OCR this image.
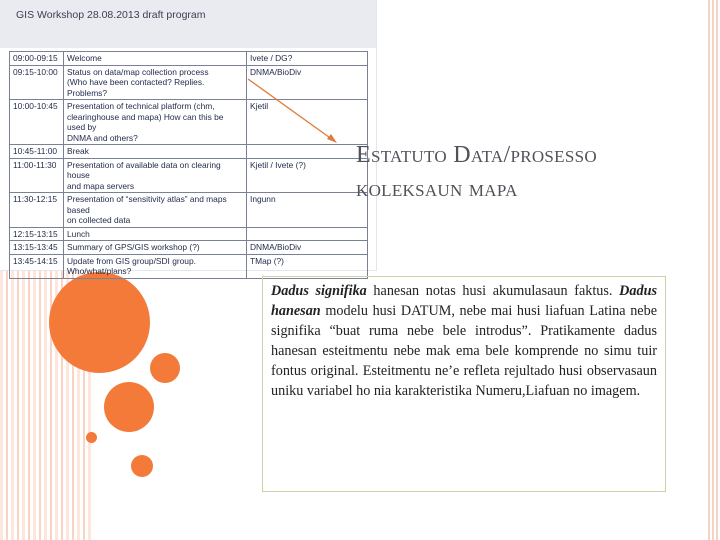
GIS Workshop 28.08.2013 draft program
09:00-09:15	Welcome	Ivete / DG?
09:15-10:00	Status on data/map collection process
(Who have been contacted? Replies. Problems?	DNMA/BioDiv
10:00-10:45	Presentation of technical platform (chm,
clearinghouse and mapa) How can this be used by
DNMA and others?	Kjetil
10:45-11:00	Break	

11:00-11:30	Presentation of available data on clearing house
and mapa servers	Kjetil / Ivete (?)
11:30-12:15	Presentation of “sensitivity atlas” and maps based
on collected data	Ingunn
12:15-13:15	Lunch	

13:15-13:45	Summary of GPS/GIS workshop (?)	DNMA/BioDiv
13:45-14:15	Update from GIS group/SDI group.
Who/what/plans?	TMap (?)
Estatuto Data/prosesso
koleksaun mapa
Dadus signifika hanesan notas husi akumulasaun faktus. Dadus hanesan modelu husi DATUM, nebe mai husi liafuan Latina nebe signifika “buat ruma nebe bele introdus”. Pratikamente dadus hanesan esteitmentu nebe mak ema bele komprende no simu tuir fontus original. Esteitmentu ne’e refleta rejultado husi observasaun uniku variabel ho nia karakteristika Numeru,Liafuan no imagem.
